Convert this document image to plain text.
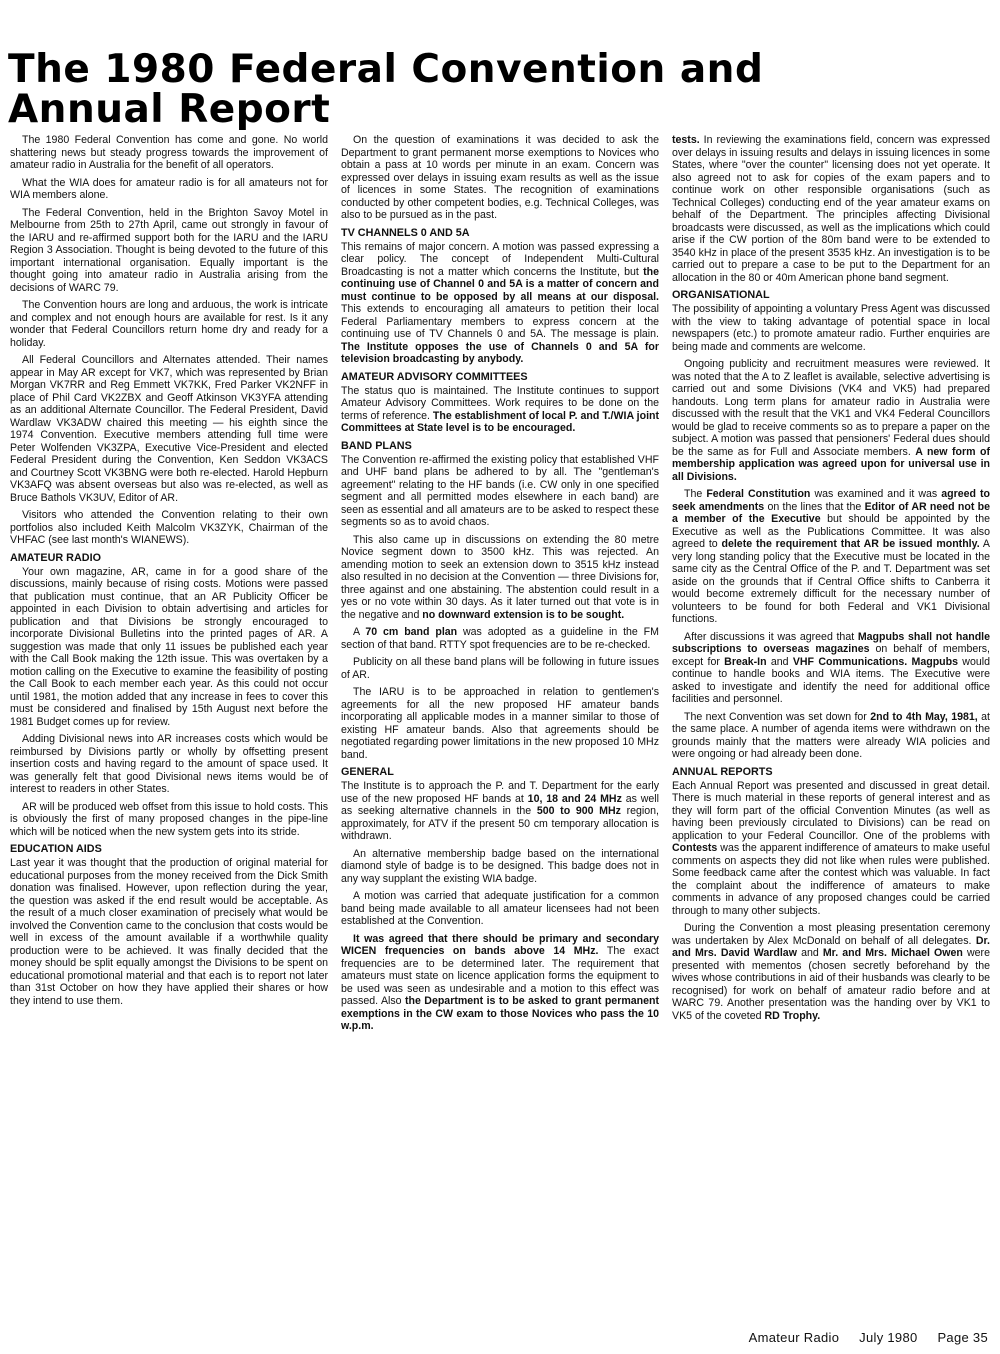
The 1980 Federal Convention and
Annual Report

The 1980 Federal Convention has come and gone. No world shattering news but steady progress towards the improvement of amateur radio in Australia for the benefit of all operators.

What the WIA does for amateur radio is for all amateurs not for WIA members alone.

The Federal Convention, held in the Brighton Savoy Motel in Melbourne from 25th to 27th April, came out strongly in favour of the IARU and re-affirmed support both for the IARU and the IARU Region 3 Association. Thought is being devoted to the future of this important international organisation. Equally important is the thought going into amateur radio in Australia arising from the decisions of WARC 79.

The Convention hours are long and arduous, the work is intricate and complex and not enough hours are available for rest. Is it any wonder that Federal Councillors return home dry and ready for a holiday.

All Federal Councillors and Alternates attended. Their names appear in May AR except for VK7, which was represented by Brian Morgan VK7RR and Reg Emmett VK7KK, Fred Parker VK2NFF in place of Phil Card VK2ZBX and Geoff Atkinson VK3YFA attending as an additional Alternate Councillor. The Federal President, David Wardlaw VK3ADW chaired this meeting — his eighth since the 1974 Convention. Executive members attending full time were Peter Wolfenden VK3ZPA, Executive Vice-President and elected Federal President during the Convention, Ken Seddon VK3ACS and Courtney Scott VK3BNG were both re-elected. Harold Hepburn VK3AFQ was absent overseas but also was re-elected, as well as Bruce Bathols VK3UV, Editor of AR.

Visitors who attended the Convention relating to their own portfolios also included Keith Malcolm VK3ZYK, Chairman of the VHFAC (see last month's WIANEWS).

AMATEUR RADIO

Your own magazine, AR, came in for a good share of the discussions, mainly because of rising costs. Motions were passed that publication must continue, that an AR Publicity Officer be appointed in each Division to obtain advertising and articles for publication and that Divisions be strongly encouraged to incorporate Divisional Bulletins into the printed pages of AR. A suggestion was made that only 11 issues be published each year with the Call Book making the 12th issue. This was overtaken by a motion calling on the Executive to examine the feasibility of posting the Call Book to each member each year. As this could not occur until 1981, the motion added that any increase in fees to cover this must be considered and finalised by 15th August next before the 1981 Budget comes up for review.

Adding Divisional news into AR increases costs which would be reimbursed by Divisions partly or wholly by offsetting present insertion costs and having regard to the amount of space used. It was generally felt that good Divisional news items would be of interest to readers in other States.

AR will be produced web offset from this issue to hold costs. This is obviously the first of many proposed changes in the pipe-line which will be noticed when the new system gets into its stride.

EDUCATION AIDS

Last year it was thought that the production of original material for educational purposes from the money received from the Dick Smith donation was finalised. However, upon reflection during the year, the question was asked if the end result would be acceptable. As the result of a much closer examination of precisely what would be involved the Convention came to the conclusion that costs would be well in excess of the amount available if a worthwhile quality production were to be achieved. It was finally decided that the money should be split equally amongst the Divisions to be spent on educational promotional material and that each is to report not later than 31st October on how they have applied their shares or how they intend to use them.

On the question of examinations it was decided to ask the Department to grant permanent morse exemptions to Novices who obtain a pass at 10 words per minute in an exam. Concern was expressed over delays in issuing exam results as well as the issue of licences in some States. The recognition of examinations conducted by other competent bodies, e.g. Technical Colleges, was also to be pursued as in the past.

TV CHANNELS 0 AND 5A

This remains of major concern. A motion was passed expressing a clear policy. The concept of Independent Multi-Cultural Broadcasting is not a matter which concerns the Institute, but the continuing use of Channel 0 and 5A is a matter of concern and must continue to be opposed by all means at our disposal. This extends to encouraging all amateurs to petition their local Federal Parliamentary members to express concern at the continuing use of TV Channels 0 and 5A. The message is plain. The Institute opposes the use of Channels 0 and 5A for television broadcasting by anybody.

AMATEUR ADVISORY COMMITTEES

The status quo is maintained. The Institute continues to support Amateur Advisory Committees. Work requires to be done on the terms of reference. The establishment of local P. and T./WIA joint Committees at State level is to be encouraged.

BAND PLANS

The Convention re-affirmed the existing policy that established VHF and UHF band plans be adhered to by all. The "gentleman's agreement" relating to the HF bands (i.e. CW only in one specified segment and all permitted modes elsewhere in each band) are seen as essential and all amateurs are to be asked to respect these segments so as to avoid chaos.

This also came up in discussions on extending the 80 metre Novice segment down to 3500 kHz. This was rejected. An amending motion to seek an extension down to 3515 kHz instead also resulted in no decision at the Convention — three Divisions for, three against and one abstaining. The abstention could result in a yes or no vote within 30 days. As it later turned out that vote is in the negative and no downward extension is to be sought.

A 70 cm band plan was adopted as a guideline in the FM section of that band. RTTY spot frequencies are to be re-checked.

Publicity on all these band plans will be following in future issues of AR.

The IARU is to be approached in relation to gentlemen's agreements for all the new proposed HF amateur bands incorporating all applicable modes in a manner similar to those of existing HF amateur bands. Also that agreements should be negotiated regarding power limitations in the new proposed 10 MHz band.

GENERAL

The Institute is to approach the P. and T. Department for the early use of the new proposed HF bands at 10, 18 and 24 MHz as well as seeking alternative channels in the 500 to 900 MHz region, approximately, for ATV if the present 50 cm temporary allocation is withdrawn.

An alternative membership badge based on the international diamond style of badge is to be designed. This badge does not in any way supplant the existing WIA badge.

A motion was carried that adequate justification for a common band being made available to all amateur licensees had not been established at the Convention.

It was agreed that there should be primary and secondary WICEN frequencies on bands above 14 MHz. The exact frequencies are to be determined later. The requirement that amateurs must state on licence application forms the equipment to be used was seen as undesirable and a motion to this effect was passed. Also the Department is to be asked to grant permanent exemptions in the CW exam to those Novices who pass the 10 w.p.m.

tests. In reviewing the examinations field, concern was expressed over delays in issuing results and delays in issuing licences in some States, where "over the counter" licensing does not yet operate. It also agreed not to ask for copies of the exam papers and to continue work on other responsible organisations (such as Technical Colleges) conducting end of the year amateur exams on behalf of the Department. The principles affecting Divisional broadcasts were discussed, as well as the implications which could arise if the CW portion of the 80m band were to be extended to 3540 kHz in place of the present 3535 kHz. An investigation is to be carried out to prepare a case to be put to the Department for an allocation in the 80 or 40m American phone band segment.

ORGANISATIONAL

The possibility of appointing a voluntary Press Agent was discussed with the view to taking advantage of potential space in local newspapers (etc.) to promote amateur radio. Further enquiries are being made and comments are welcome.

Ongoing publicity and recruitment measures were reviewed. It was noted that the A to Z leaflet is available, selective advertising is carried out and some Divisions (VK4 and VK5) had prepared handouts. Long term plans for amateur radio in Australia were discussed with the result that the VK1 and VK4 Federal Councillors would be glad to receive comments so as to prepare a paper on the subject. A motion was passed that pensioners' Federal dues should be the same as for Full and Associate members. A new form of membership application was agreed upon for universal use in all Divisions.

The Federal Constitution was examined and it was agreed to seek amendments on the lines that the Editor of AR need not be a member of the Executive but should be appointed by the Executive as well as the Publications Committee. It was also agreed to delete the requirement that AR be issued monthly. A very long standing policy that the Executive must be located in the same city as the Central Office of the P. and T. Department was set aside on the grounds that if Central Office shifts to Canberra it would become extremely difficult for the necessary number of volunteers to be found for both Federal and VK1 Divisional functions.

After discussions it was agreed that Magpubs shall not handle subscriptions to overseas magazines on behalf of members, except for Break-In and VHF Communications. Magpubs would continue to handle books and WIA items. The Executive were asked to investigate and identify the need for additional office facilities and personnel.

The next Convention was set down for 2nd to 4th May, 1981, at the same place. A number of agenda items were withdrawn on the grounds mainly that the matters were already WIA policies and were ongoing or had already been done.

ANNUAL REPORTS

Each Annual Report was presented and discussed in great detail. There is much material in these reports of general interest and as they will form part of the official Convention Minutes (as well as having been previously circulated to Divisions) can be read on application to your Federal Councillor. One of the problems with Contests was the apparent indifference of amateurs to make useful comments on aspects they did not like when rules were published. Some feedback came after the contest which was valuable. In fact the complaint about the indifference of amateurs to make comments in advance of any proposed changes could be carried through to many other subjects.

During the Convention a most pleasing presentation ceremony was undertaken by Alex McDonald on behalf of all delegates. Dr. and Mrs. David Wardlaw and Mr. and Mrs. Michael Owen were presented with mementos (chosen secretly beforehand by the wives whose contributions in aid of their husbands was clearly to be recognised) for work on behalf of amateur radio before and at WARC 79. Another presentation was the handing over by VK1 to VK5 of the coveted RD Trophy.

Amateur Radio July 1980 Page 35
